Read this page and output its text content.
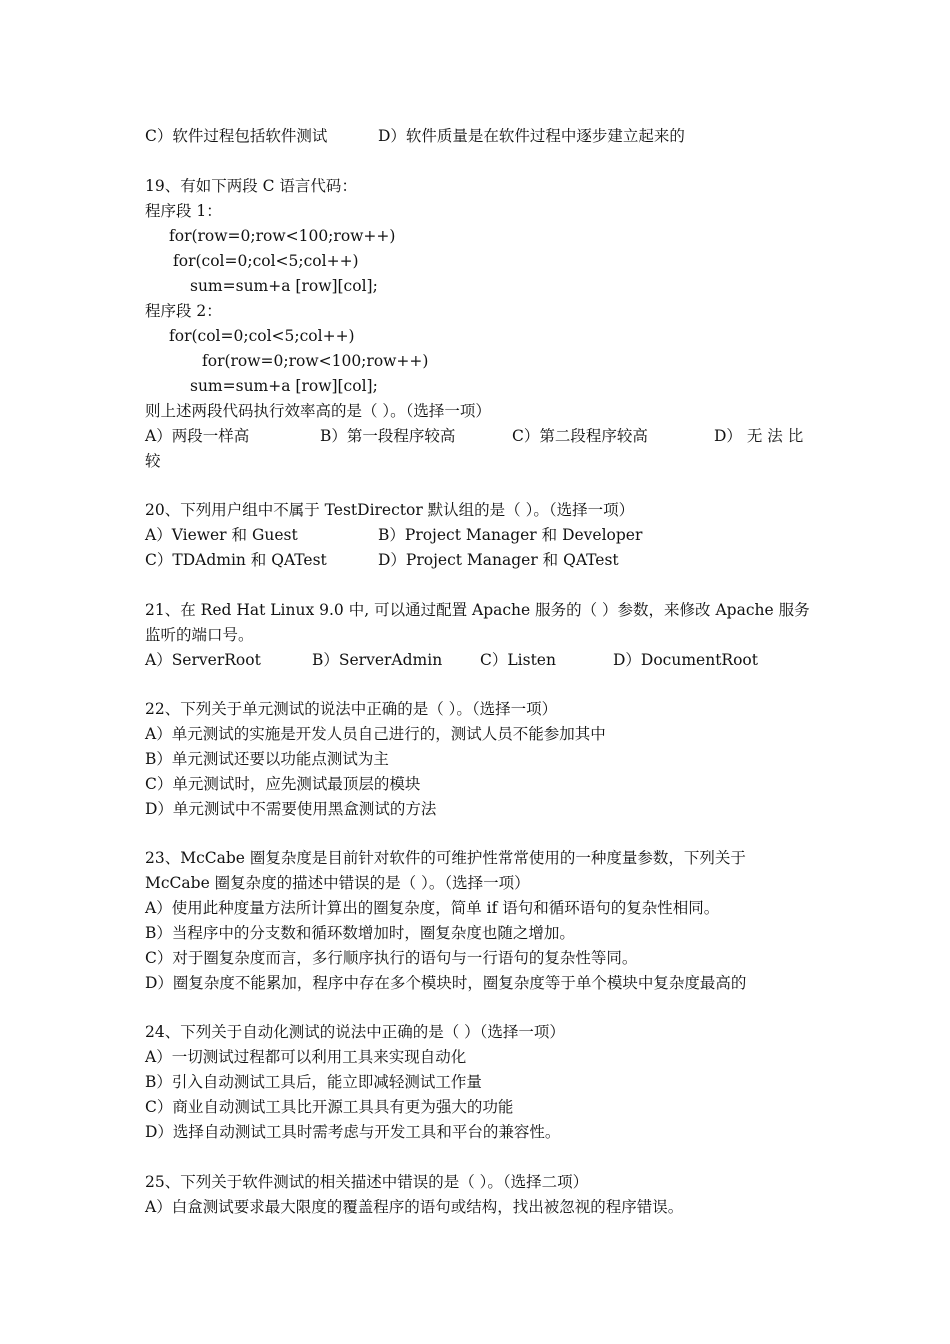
C）软件过程包括软件测试	D）软件质量是在软件过程中逐步建立起来的
19、有如下两段 C 语言代码：
程序段 1：
for(row=0;row<100;row++)
for(col=0;col<5;col++)
sum=sum+a [row][col];
程序段 2：
for(col=0;col<5;col++)
for(row=0;row<100;row++)
sum=sum+a [row][col];
则上述两段代码执行效率高的是（ ）。（选择一项）
A）两段一样高	B）第一段程序较高	C）第二段程序较高	D） 无 法 比
较
20、下列用户组中不属于 TestDirector 默认组的是（ ）。（选择一项）
A）Viewer 和 Guest	B）Project Manager 和 Developer
C）TDAdmin 和 QATest	D）Project Manager 和 QATest
21、在 Red Hat Linux 9.0 中, 可以通过配置 Apache 服务的（ ）参数，来修改 Apache 服务
监听的端口号。
A）ServerRoot	B）ServerAdmin C）Listen	D）DocumentRoot
22、下列关于单元测试的说法中正确的是（ ）。（选择一项）
A）单元测试的实施是开发人员自己进行的，测试人员不能参加其中
B）单元测试还要以功能点测试为主
C）单元测试时，应先测试最顶层的模块
D）单元测试中不需要使用黑盒测试的方法
23、McCabe 圈复杂度是目前针对软件的可维护性常常使用的一种度量参数，下列关于
McCabe 圈复杂度的描述中错误的是（ ）。（选择一项）
A）使用此种度量方法所计算出的圈复杂度，简单 if 语句和循环语句的复杂性相同。
B）当程序中的分支数和循环数增加时，圈复杂度也随之增加。
C）对于圈复杂度而言，多行顺序执行的语句与一行语句的复杂性等同。
D）圈复杂度不能累加，程序中存在多个模块时，圈复杂度等于单个模块中复杂度最高的
24、下列关于自动化测试的说法中正确的是（ ）（选择一项）
A）一切测试过程都可以利用工具来实现自动化
B）引入自动测试工具后，能立即减轻测试工作量
C）商业自动测试工具比开源工具具有更为强大的功能
D）选择自动测试工具时需考虑与开发工具和平台的兼容性。
25、下列关于软件测试的相关描述中错误的是（ ）。（选择二项）
A）白盒测试要求最大限度的覆盖程序的语句或结构，找出被忽视的程序错误。
